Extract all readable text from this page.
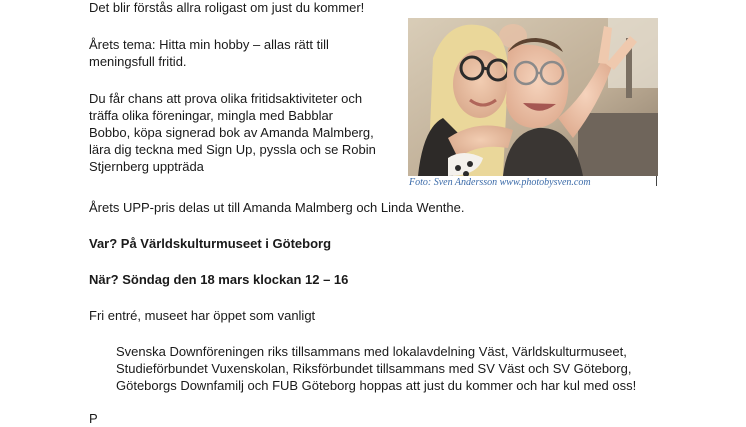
Det blir förstås allra roligast om just du kommer!
Årets tema: Hitta min hobby – allas rätt till
meningsfull fritid.
Du får chans att prova olika fritidsaktiviteter och
träffa olika föreningar, mingla med Babblar
Bobbo, köpa signerad bok av Amanda Malmberg,
lära dig teckna med Sign Up, pyssla och se Robin
Stjernberg uppträda
Foto: Sven Andersson www.photobysven.com
Årets UPP-pris delas ut till Amanda Malmberg och Linda Wenthe.
Var? På Världskulturmuseet i Göteborg
När? Söndag den 18 mars klockan 12 – 16
Fri entré, museet har öppet som vanligt
Svenska Downföreningen riks tillsammans med lokalavdelning Väst, Världskulturmuseet,
Studieförbundet Vuxenskolan, Riksförbundet tillsammans med SV Väst och SV Göteborg,
Göteborgs Downfamilj och FUB Göteborg hoppas att just du kommer och har kul med oss!
P
